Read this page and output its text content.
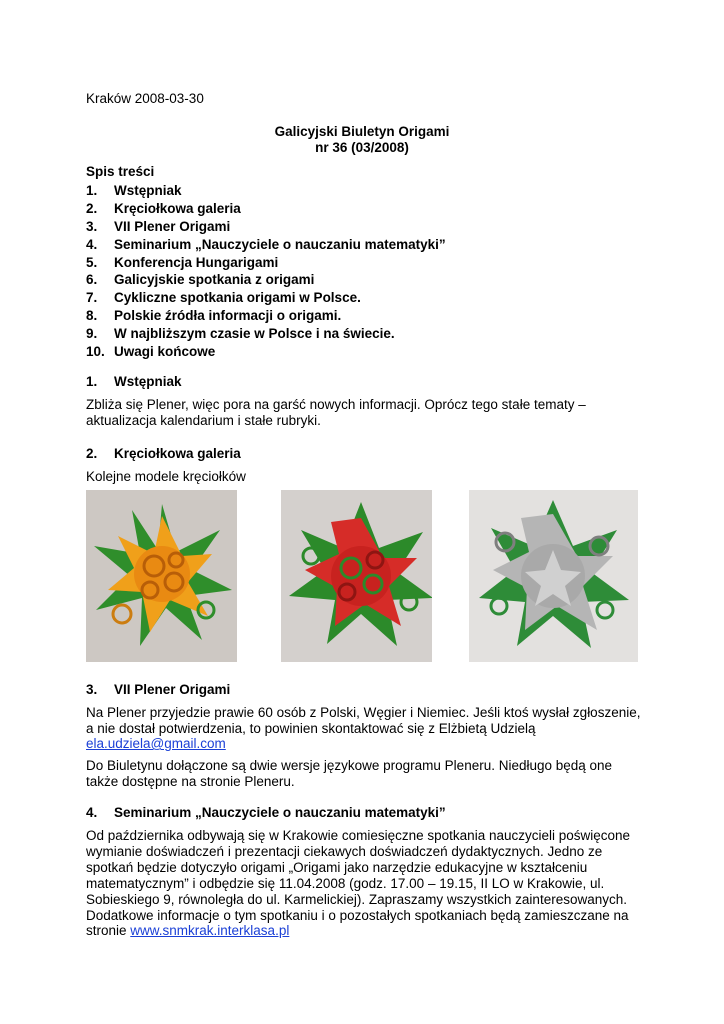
Kraków 2008-03-30
Galicyjski Biuletyn Origami
nr 36 (03/2008)
Spis treści
1. Wstępniak
2. Kręciołkowa galeria
3. VII Plener Origami
4. Seminarium „Nauczyciele o nauczaniu matematyki”
5. Konferencja Hungarigami
6. Galicyjskie spotkania z origami
7. Cykliczne spotkania origami w Polsce.
8. Polskie źródła informacji o origami.
9. W najbliższym czasie w Polsce i na świecie.
10. Uwagi końcowe
1. Wstępniak
Zbliża się Plener, więc pora na garść nowych informacji. Oprócz tego stałe tematy –
aktualizacja kalendarium i stałe rubryki.
2. Kręciołkowa galeria
Kolejne modele kręciołków
3. VII Plener Origami
Na Plener przyjedzie prawie 60 osób z Polski, Węgier i Niemiec. Jeśli ktoś wysłał zgłoszenie,
a nie dostał potwierdzenia, to powinien skontaktować się z Elżbietą Udzielą
ela.udziela@gmail.com
Do Biuletynu dołączone są dwie wersje językowe programu Pleneru. Niedługo będą one
także dostępne na stronie Pleneru.
4. Seminarium „Nauczyciele o nauczaniu matematyki”
Od października odbywają się w Krakowie comiesięczne spotkania nauczycieli poświęcone
wymianie doświadczeń i prezentacji ciekawych doświadczeń dydaktycznych. Jedno ze
spotkań będzie dotyczyło origami „Origami jako narzędzie edukacyjne w kształceniu
matematycznym” i odbędzie się 11.04.2008 (godz. 17.00 – 19.15, II LO w Krakowie, ul.
Sobieskiego 9, równoległa do ul. Karmelickiej). Zapraszamy wszystkich zainteresowanych.
Dodatkowe informacje o tym spotkaniu i o pozostałych spotkaniach będą zamieszczane na
stronie www.snmkrak.interklasa.pl
